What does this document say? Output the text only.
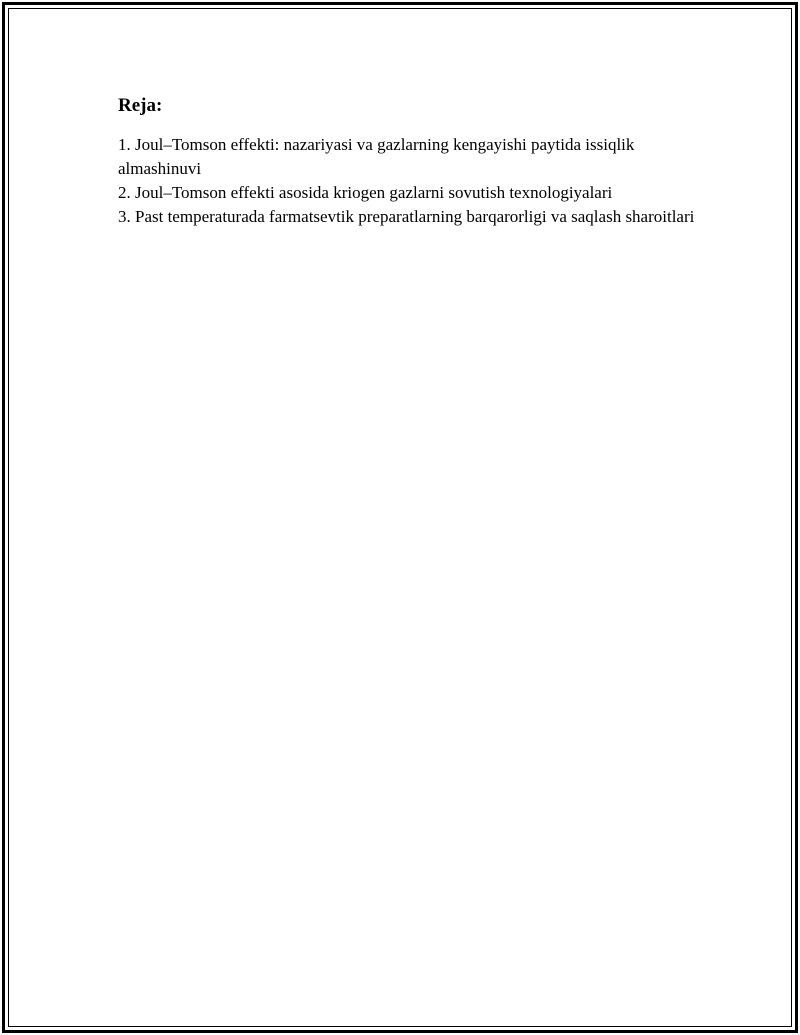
Reja:
1. Joul–Tomson effekti: nazariyasi va gazlarning kengayishi paytida issiqlik almashinuvi
2. Joul–Tomson effekti asosida kriogen gazlarni sovutish texnologiyalari
3. Past temperaturada farmatsevtik preparatlarning barqarorligi va saqlash sharoitlari
